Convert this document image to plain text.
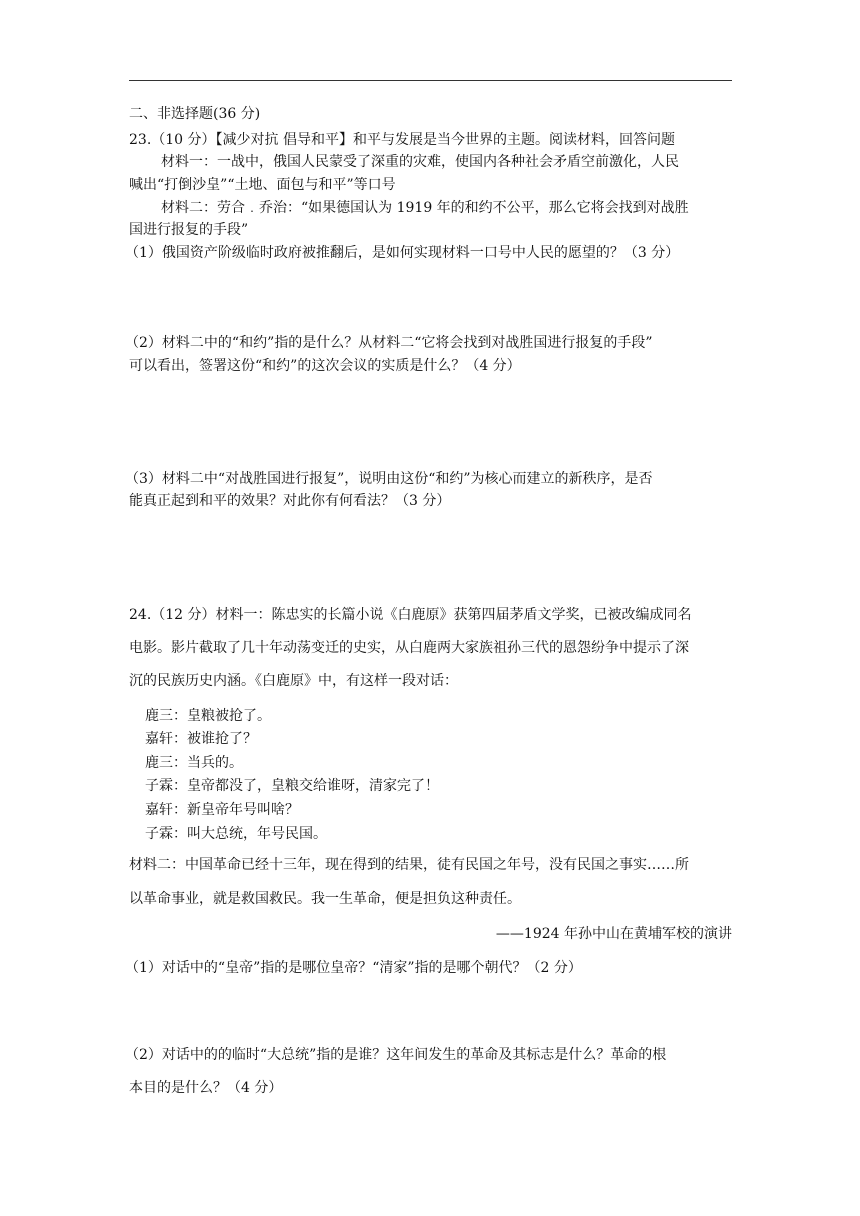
二、非选择题(36 分)
23.（10 分）【减少对抗 倡导和平】和平与发展是当今世界的主题。阅读材料，回答问题
材料一：一战中，俄国人民蒙受了深重的灾难，使国内各种社会矛盾空前激化，人民
喊出“打倒沙皇”“土地、面包与和平”等口号
材料二：劳合﹒乔治：“如果德国认为 1919 年的和约不公平，那么它将会找到对战胜
国进行报复的手段”
（1）俄国资产阶级临时政府被推翻后，是如何实现材料一口号中人民的愿望的？（3 分）
（2）材料二中的“和约”指的是什么？从材料二“它将会找到对战胜国进行报复的手段”
可以看出，签署这份“和约”的这次会议的实质是什么？（4 分）
（3）材料二中“对战胜国进行报复”，说明由这份“和约”为核心而建立的新秩序，是否
能真正起到和平的效果？对此你有何看法？（3 分）
24.（12 分）材料一：陈忠实的长篇小说《白鹿原》获第四届茅盾文学奖，已被改编成同名
电影。影片截取了几十年动荡变迁的史实，从白鹿两大家族祖孙三代的恩怨纷争中提示了深
沉的民族历史内涵。《白鹿原》中，有这样一段对话：
鹿三：皇粮被抢了。
嘉轩：被谁抢了？
鹿三：当兵的。
子霖：皇帝都没了，皇粮交给谁呀，清家完了！
嘉轩：新皇帝年号叫啥？
子霖：叫大总统，年号民国。
材料二：中国革命已经十三年，现在得到的结果，徒有民国之年号，没有民国之事实……所
以革命事业，就是救国救民。我一生革命，便是担负这种责任。
——1924 年孙中山在黄埔军校的演讲
（1）对话中的“皇帝”指的是哪位皇帝？“清家”指的是哪个朝代？（2 分）
（2）对话中的的临时“大总统”指的是谁？这年间发生的革命及其标志是什么？革命的根
本目的是什么？（4 分）
